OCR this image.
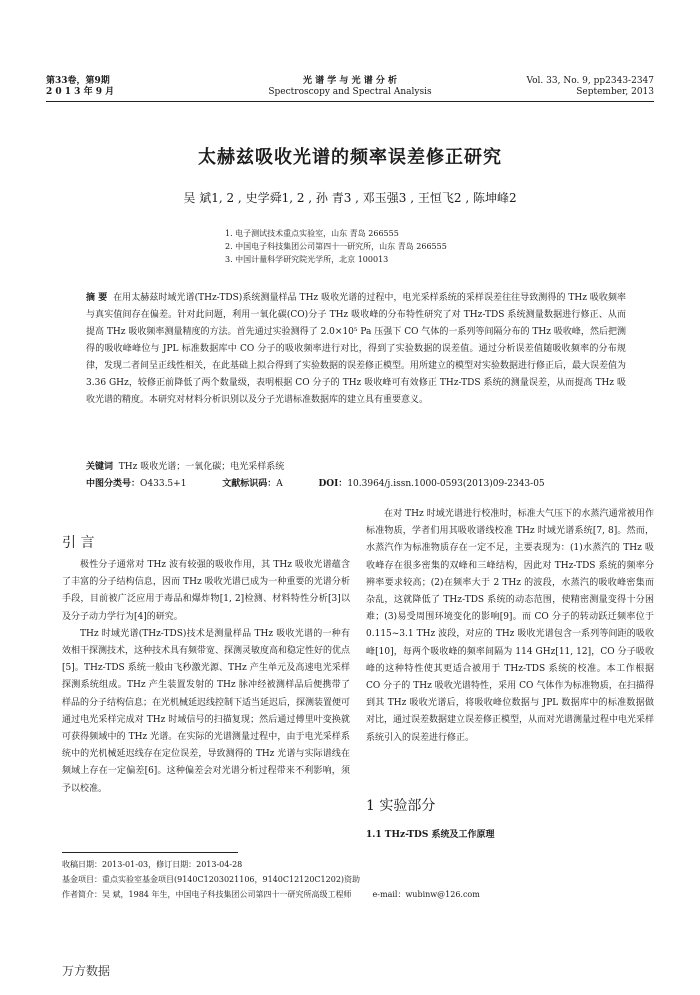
第33卷，第9期
2 0 1 3 年 9 月
光 谱 学 与 光 谱 分 析
Spectroscopy and Spectral Analysis
Vol. 33, No. 9, pp2343-2347
September, 2013
太赫兹吸收光谱的频率误差修正研究
吴 斌1, 2 , 史学舜1, 2 , 孙 青3 , 邓玉强3 , 王恒飞2 , 陈坤峰2
1. 电子测试技术重点实验室，山东 青岛 266555
2. 中国电子科技集团公司第四十一研究所，山东 青岛 266555
3. 中国计量科学研究院光学所，北京 100013
摘 要 在用太赫兹时域光谱(THz-TDS)系统测量样品 THz 吸收光谱的过程中，电光采样系统的采样误差往往导致测得的 THz 吸收频率与真实值间存在偏差。针对此问题，利用一氧化碳(CO)分子 THz 吸收峰的分布特性研究了对 THz-TDS 系统测量数据进行修正、从而提高 THz 吸收频率测量精度的方法。首先通过实验测得了 2.0×10⁵ Pa 压强下 CO 气体的一系列等间隔分布的 THz 吸收峰，然后把测得的吸收峰峰位与 JPL 标准数据库中 CO 分子的吸收频率进行对比，得到了实验数据的误差值。通过分析误差值随吸收频率的分布规律，发现二者间呈正线性相关，在此基础上拟合得到了实验数据的误差修正模型。用所建立的模型对实验数据进行修正后，最大误差值为 3.36 GHz，较修正前降低了两个数量级，表明根据 CO 分子的 THz 吸收峰可有效修正 THz-TDS 系统的测量误差，从而提高 THz 吸收光谱的精度。本研究对材料分析识别以及分子光谱标准数据库的建立具有重要意义。
关键词 THz 吸收光谱；一氧化碳；电光采样系统
中图分类号：O433.5+1	文献标识码：A	DOI：10.3964/j.issn.1000-0593(2013)09-2343-05
引 言

极性分子通常对 THz 波有较强的吸收作用，其 THz 吸收光谱蕴含了丰富的分子结构信息，因而 THz 吸收光谱已成为一种重要的光谱分析手段，目前被广泛应用于毒品和爆炸物[1, 2]检测、材料特性分析[3]以及分子动力学行为[4]的研究。

THz 时域光谱(THz-TDS)技术是测量样品 THz 吸收光谱的一种有效相干探测技术，这种技术具有频带宽、探测灵敏度高和稳定性好的优点[5]。THz-TDS 系统一般由飞秒激光源、THz 产生单元及高速电光采样探测系统组成。THz 产生装置发射的 THz 脉冲经被测样品后便携带了样品的分子结构信息；在光机械延迟线控制下适当延迟后，探测装置便可通过电光采样完成对 THz 时域信号的扫描复现；然后通过傅里叶变换就可获得频域中的 THz 光谱。在实际的光谱测量过程中，由于电光采样系统中的光机械延迟线存在定位误差，导致测得的 THz 光谱与实际谱线在频域上存在一定偏差[6]。这种偏差会对光谱分析过程带来不利影响，须予以校准。

在对 THz 时域光谱进行校准时，标准大气压下的水蒸汽通常被用作标准物质，学者们用其吸收谱线校准 THz 时域光谱系统[7, 8]。然而，水蒸汽作为标准物质存在一定不足，主要表现为：(1)水蒸汽的 THz 吸收峰存在很多密集的双峰和三峰结构，因此对 THz-TDS 系统的频率分辨率要求较高；(2)在频率大于 2 THz 的波段，水蒸汽的吸收峰密集而杂乱，这就降低了 THz-TDS 系统的动态范围，使精密测量变得十分困难；(3)易受周围环境变化的影响[9]。而 CO 分子的转动跃迁频率位于 0.115~3.1 THz 波段，对应的 THz 吸收光谱包含一系列等间距的吸收峰[10]，每两个吸收峰的频率间隔为 114 GHz[11, 12]，CO 分子吸收峰的这种特性使其更适合被用于 THz-TDS 系统的校准。本工作根据 CO 分子的 THz 吸收光谱特性，采用 CO 气体作为标准物质，在扫描得到其 THz 吸收光谱后，将吸收峰位数据与 JPL 数据库中的标准数据做对比，通过误差数据建立误差修正模型，从而对光谱测量过程中电光采样系统引入的误差进行修正。

1 实验部分
1.1 THz-TDS 系统及工作原理
收稿日期：2013-01-03，修订日期：2013-04-28
基金项目：重点实验室基金项目(9140C1203021106，9140C12120C1202)资助
作者简介：吴 斌，1984 年生，中国电子科技集团公司第四十一研究所高级工程师	e-mail：wubinw@126.com
万方数据
